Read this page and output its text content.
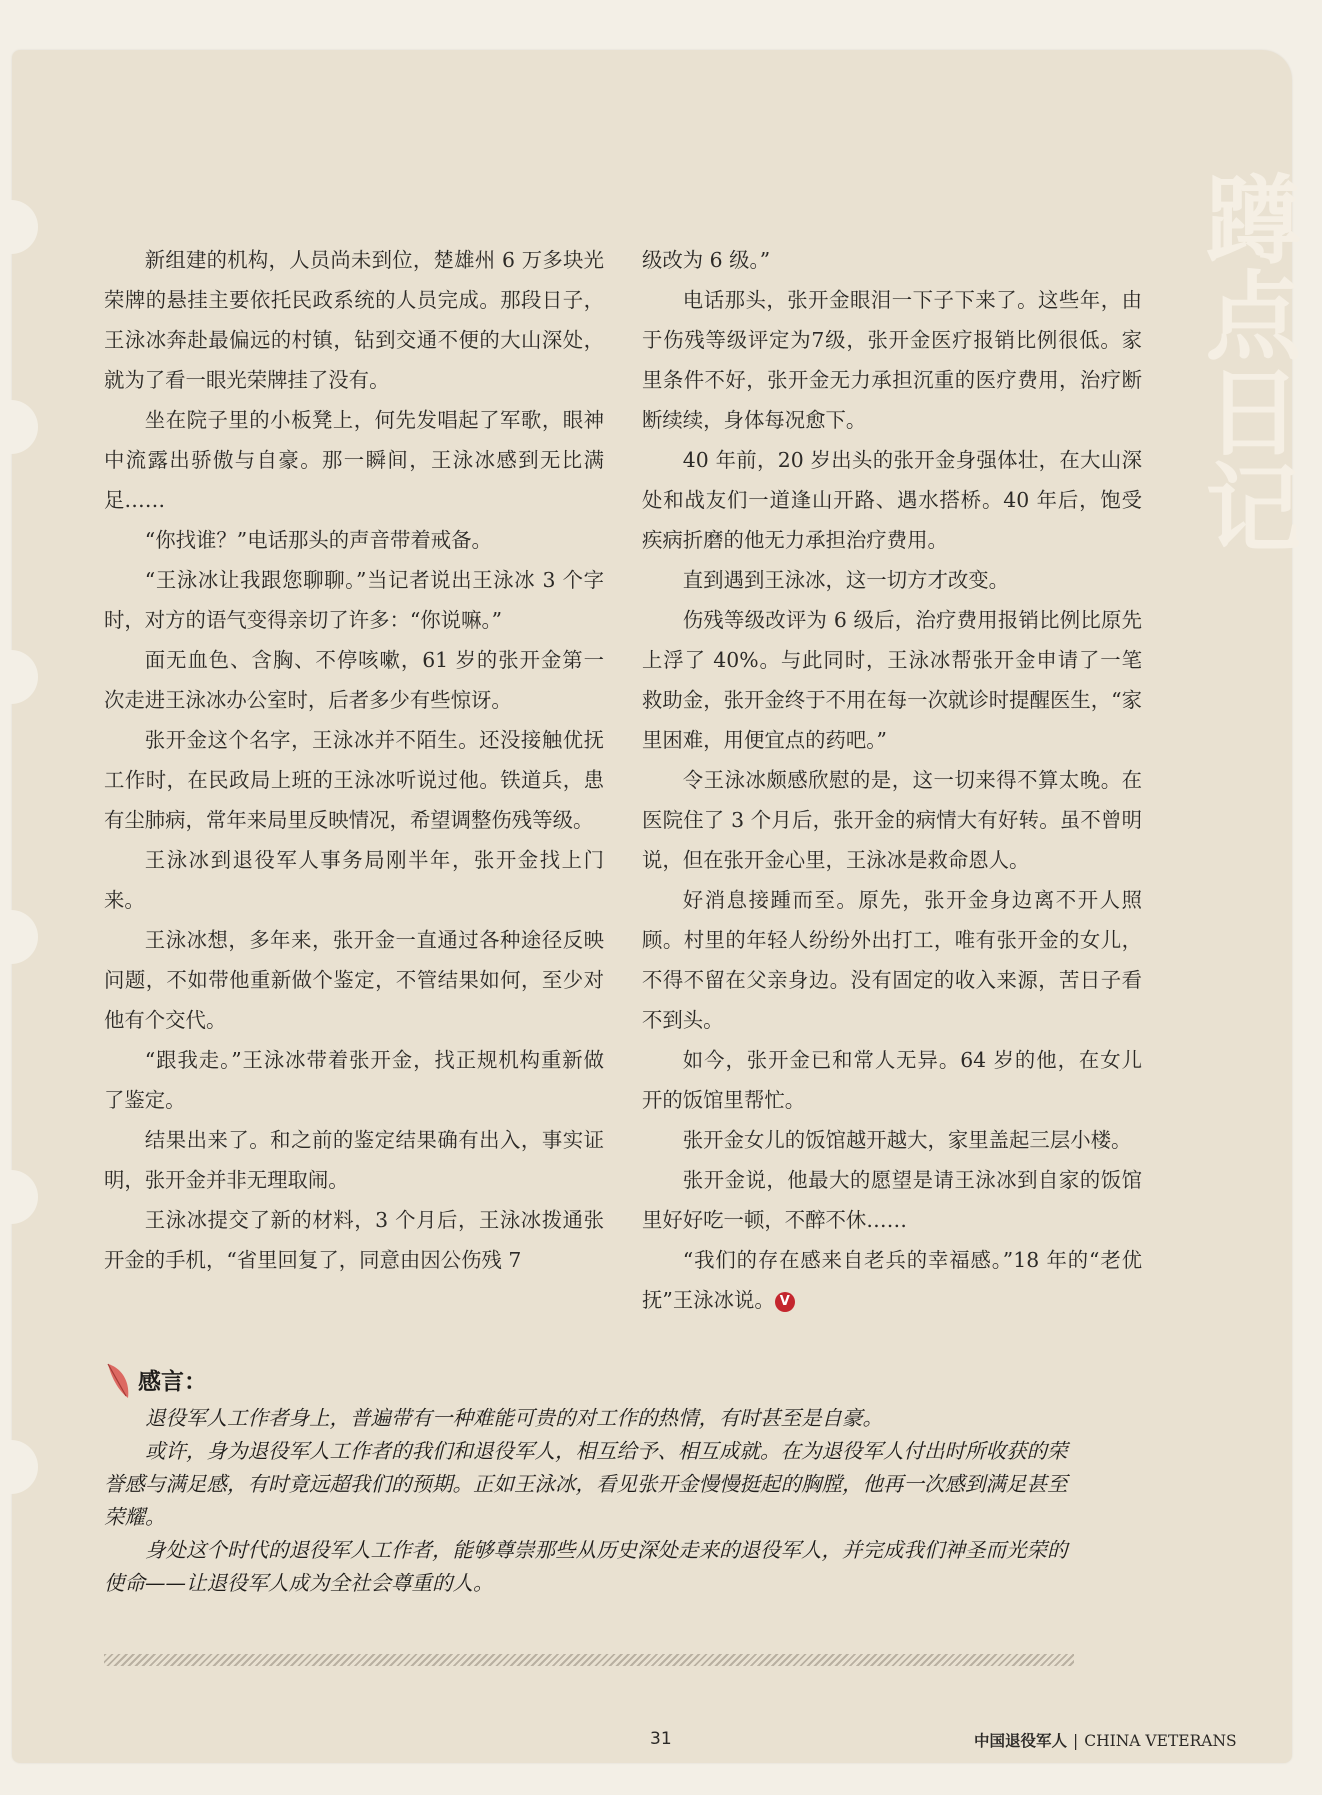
蹲点日记

新组建的机构，人员尚未到位，楚雄州 6 万多块光荣牌的悬挂主要依托民政系统的人员完成。那段日子，王泳冰奔赴最偏远的村镇，钻到交通不便的大山深处，就为了看一眼光荣牌挂了没有。

坐在院子里的小板凳上，何先发唱起了军歌，眼神中流露出骄傲与自豪。那一瞬间，王泳冰感到无比满足……

“你找谁？”电话那头的声音带着戒备。

“王泳冰让我跟您聊聊。”当记者说出王泳冰 3 个字时，对方的语气变得亲切了许多：“你说嘛。”

面无血色、含胸、不停咳嗽，61 岁的张开金第一次走进王泳冰办公室时，后者多少有些惊讶。

张开金这个名字，王泳冰并不陌生。还没接触优抚工作时，在民政局上班的王泳冰听说过他。铁道兵，患有尘肺病，常年来局里反映情况，希望调整伤残等级。

王泳冰到退役军人事务局刚半年，张开金找上门来。

王泳冰想，多年来，张开金一直通过各种途径反映问题，不如带他重新做个鉴定，不管结果如何，至少对他有个交代。

“跟我走。”王泳冰带着张开金，找正规机构重新做了鉴定。

结果出来了。和之前的鉴定结果确有出入，事实证明，张开金并非无理取闹。

王泳冰提交了新的材料，3 个月后，王泳冰拨通张开金的手机，“省里回复了，同意由因公伤残 7

级改为 6 级。”

电话那头，张开金眼泪一下子下来了。这些年，由于伤残等级评定为7级，张开金医疗报销比例很低。家里条件不好，张开金无力承担沉重的医疗费用，治疗断断续续，身体每况愈下。

40 年前，20 岁出头的张开金身强体壮，在大山深处和战友们一道逢山开路、遇水搭桥。40 年后，饱受疾病折磨的他无力承担治疗费用。

直到遇到王泳冰，这一切方才改变。

伤残等级改评为 6 级后，治疗费用报销比例比原先上浮了 40%。与此同时，王泳冰帮张开金申请了一笔救助金，张开金终于不用在每一次就诊时提醒医生，“家里困难，用便宜点的药吧。”

令王泳冰颇感欣慰的是，这一切来得不算太晚。在医院住了 3 个月后，张开金的病情大有好转。虽不曾明说，但在张开金心里，王泳冰是救命恩人。

好消息接踵而至。原先，张开金身边离不开人照顾。村里的年轻人纷纷外出打工，唯有张开金的女儿，不得不留在父亲身边。没有固定的收入来源，苦日子看不到头。

如今，张开金已和常人无异。64 岁的他，在女儿开的饭馆里帮忙。

张开金女儿的饭馆越开越大，家里盖起三层小楼。

张开金说，他最大的愿望是请王泳冰到自家的饭馆里好好吃一顿，不醉不休……

“我们的存在感来自老兵的幸福感。”18 年的“老优抚”王泳冰说。 V

感言：

退役军人工作者身上，普遍带有一种难能可贵的对工作的热情，有时甚至是自豪。

或许，身为退役军人工作者的我们和退役军人，相互给予、相互成就。在为退役军人付出时所收获的荣誉感与满足感，有时竟远超我们的预期。正如王泳冰，看见张开金慢慢挺起的胸膛，他再一次感到满足甚至荣耀。

身处这个时代的退役军人工作者，能够尊崇那些从历史深处走来的退役军人，并完成我们神圣而光荣的使命——让退役军人成为全社会尊重的人。

31	中国退役军人 | CHINA VETERANS
